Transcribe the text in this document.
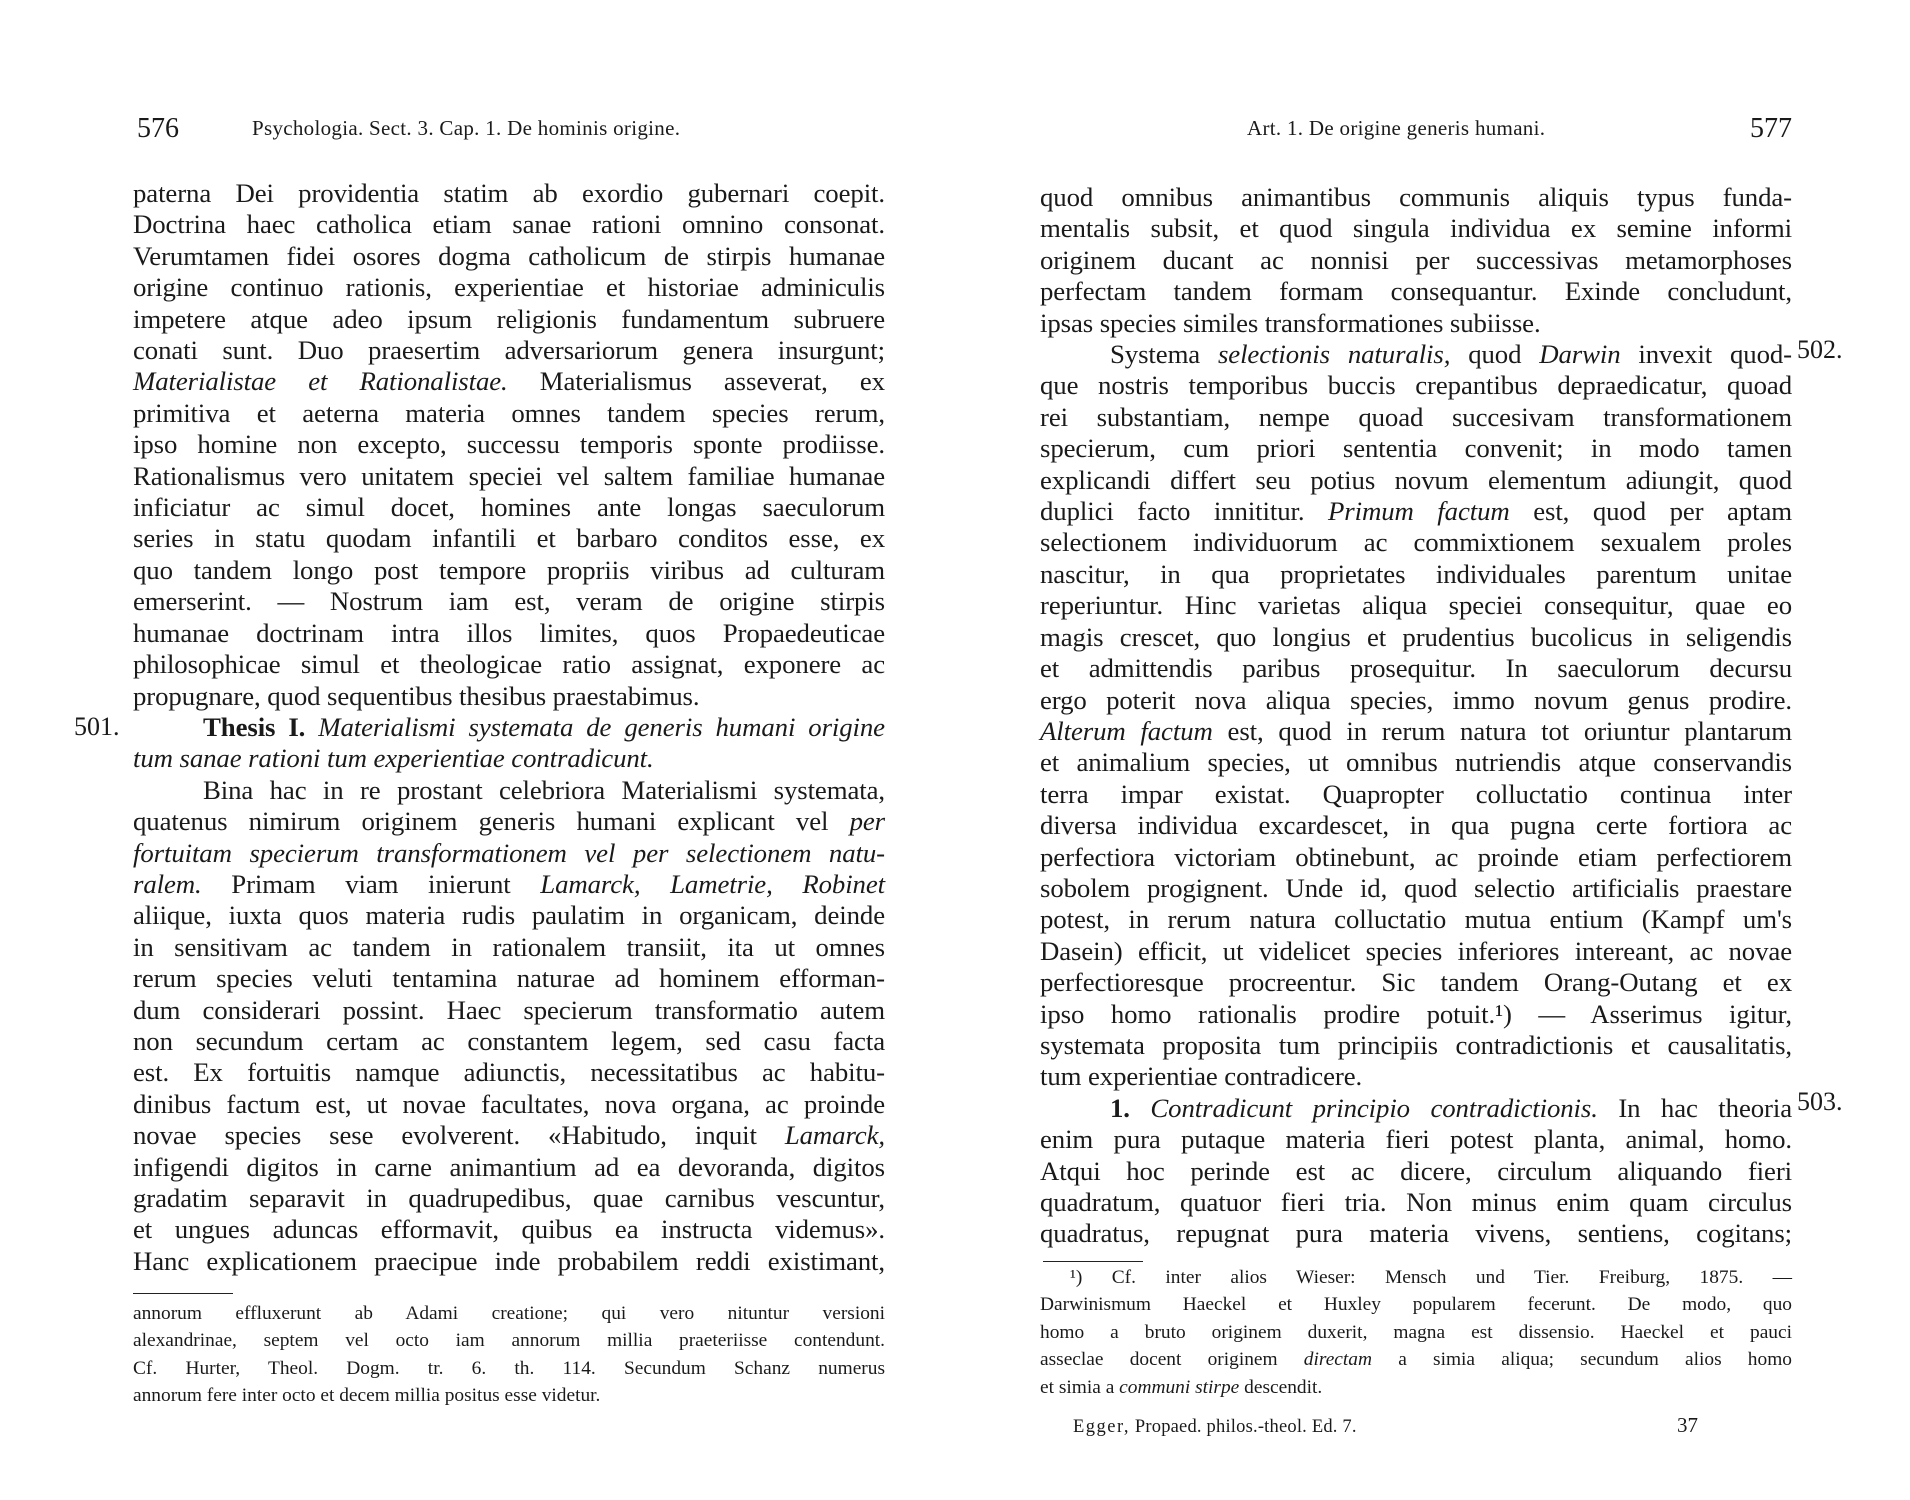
576	Psychologia. Sect. 3. Cap. 1. De hominis origine.
paterna Dei providentia statim ab exordio gubernari coepit.
Doctrina haec catholica etiam sanae rationi omnino consonat.
Verumtamen fidei osores dogma catholicum de stirpis humanae
origine continuo rationis, experientiae et historiae adminiculis
impetere atque adeo ipsum religionis fundamentum subruere
conati sunt. Duo praesertim adversariorum genera insurgunt;
Materialistae et Rationalistae. Materialismus asseverat, ex
primitiva et aeterna materia omnes tandem species rerum,
ipso homine non excepto, successu temporis sponte prodiisse.
Rationalismus vero unitatem speciei vel saltem familiae humanae
inficiatur ac simul docet, homines ante longas saeculorum
series in statu quodam infantili et barbaro conditos esse, ex
quo tandem longo post tempore propriis viribus ad culturam
emerserint. — Nostrum iam est, veram de origine stirpis
humanae doctrinam intra illos limites, quos Propaedeuticae
philosophicae simul et theologicae ratio assignat, exponere ac
propugnare, quod sequentibus thesibus praestabimus.
Thesis I. Materialismi systemata de generis humani origine
tum sanae rationi tum experientiae contradicunt.
Bina hac in re prostant celebriora Materialismi systemata,
quatenus nimirum originem generis humani explicant vel per
fortuitam specierum transformationem vel per selectionem natu-
ralem. Primam viam inierunt Lamarck, Lametrie, Robinet
aliique, iuxta quos materia rudis paulatim in organicam, deinde
in sensitivam ac tandem in rationalem transiit, ita ut omnes
rerum species veluti tentamina naturae ad hominem efforman-
dum considerari possint. Haec specierum transformatio autem
non secundum certam ac constantem legem, sed casu facta
est. Ex fortuitis namque adiunctis, necessitatibus ac habitu-
dinibus factum est, ut novae facultates, nova organa, ac proinde
novae species sese evolverent. «Habitudo, inquit Lamarck,
infigendi digitos in carne animantium ad ea devoranda, digitos
gradatim separavit in quadrupedibus, quae carnibus vescuntur,
et ungues aduncas efformavit, quibus ea instructa videmus».
Hanc explicationem praecipue inde probabilem reddi existimant,
501.
annorum effluxerunt ab Adami creatione; qui vero nituntur versioni
alexandrinae, septem vel octo iam annorum millia praeteriisse contendunt.
Cf. Hurter, Theol. Dogm. tr. 6. th. 114. Secundum Schanz numerus
annorum fere inter octo et decem millia positus esse videtur.
Art. 1. De origine generis humani.	577
quod omnibus animantibus communis aliquis typus funda-
mentalis subsit, et quod singula individua ex semine informi
originem ducant ac nonnisi per successivas metamorphoses
perfectam tandem formam consequantur. Exinde concludunt,
ipsas species similes transformationes subiisse.
Systema selectionis naturalis, quod Darwin invexit quod-
que nostris temporibus buccis crepantibus depraedicatur, quoad
rei substantiam, nempe quoad succesivam transformationem
specierum, cum priori sententia convenit; in modo tamen
explicandi differt seu potius novum elementum adiungit, quod
duplici facto innititur. Primum factum est, quod per aptam
selectionem individuorum ac commixtionem sexualem proles
nascitur, in qua proprietates individuales parentum unitae
reperiuntur. Hinc varietas aliqua speciei consequitur, quae eo
magis crescet, quo longius et prudentius bucolicus in seligendis
et admittendis paribus prosequitur. In saeculorum decursu
ergo poterit nova aliqua species, immo novum genus prodire.
Alterum factum est, quod in rerum natura tot oriuntur plantarum
et animalium species, ut omnibus nutriendis atque conservandis
terra impar existat. Quapropter colluctatio continua inter
diversa individua excardescet, in qua pugna certe fortiora ac
perfectiora victoriam obtinebunt, ac proinde etiam perfectiorem
sobolem progignent. Unde id, quod selectio artificialis praestare
potest, in rerum natura colluctatio mutua entium (Kampf um's
Dasein) efficit, ut videlicet species inferiores intereant, ac novae
perfectioresque procreentur. Sic tandem Orang-Outang et ex
ipso homo rationalis prodire potuit.¹) — Asserimus igitur,
systemata proposita tum principiis contradictionis et causalitatis,
tum experientiae contradicere.
1. Contradicunt principio contradictionis. In hac theoria
enim pura putaque materia fieri potest planta, animal, homo.
Atqui hoc perinde est ac dicere, circulum aliquando fieri
quadratum, quatuor fieri tria. Non minus enim quam circulus
quadratus, repugnat pura materia vivens, sentiens, cogitans;
502.
503.
¹) Cf. inter alios Wieser: Mensch und Tier. Freiburg, 1875. —
Darwinismum Haeckel et Huxley popularem fecerunt. De modo, quo
homo a bruto originem duxerit, magna est dissensio. Haeckel et pauci
asseclae docent originem directam a simia aliqua; secundum alios homo
et simia a communi stirpe descendit.
Egger, Propaed. philos.-theol. Ed. 7.	37
